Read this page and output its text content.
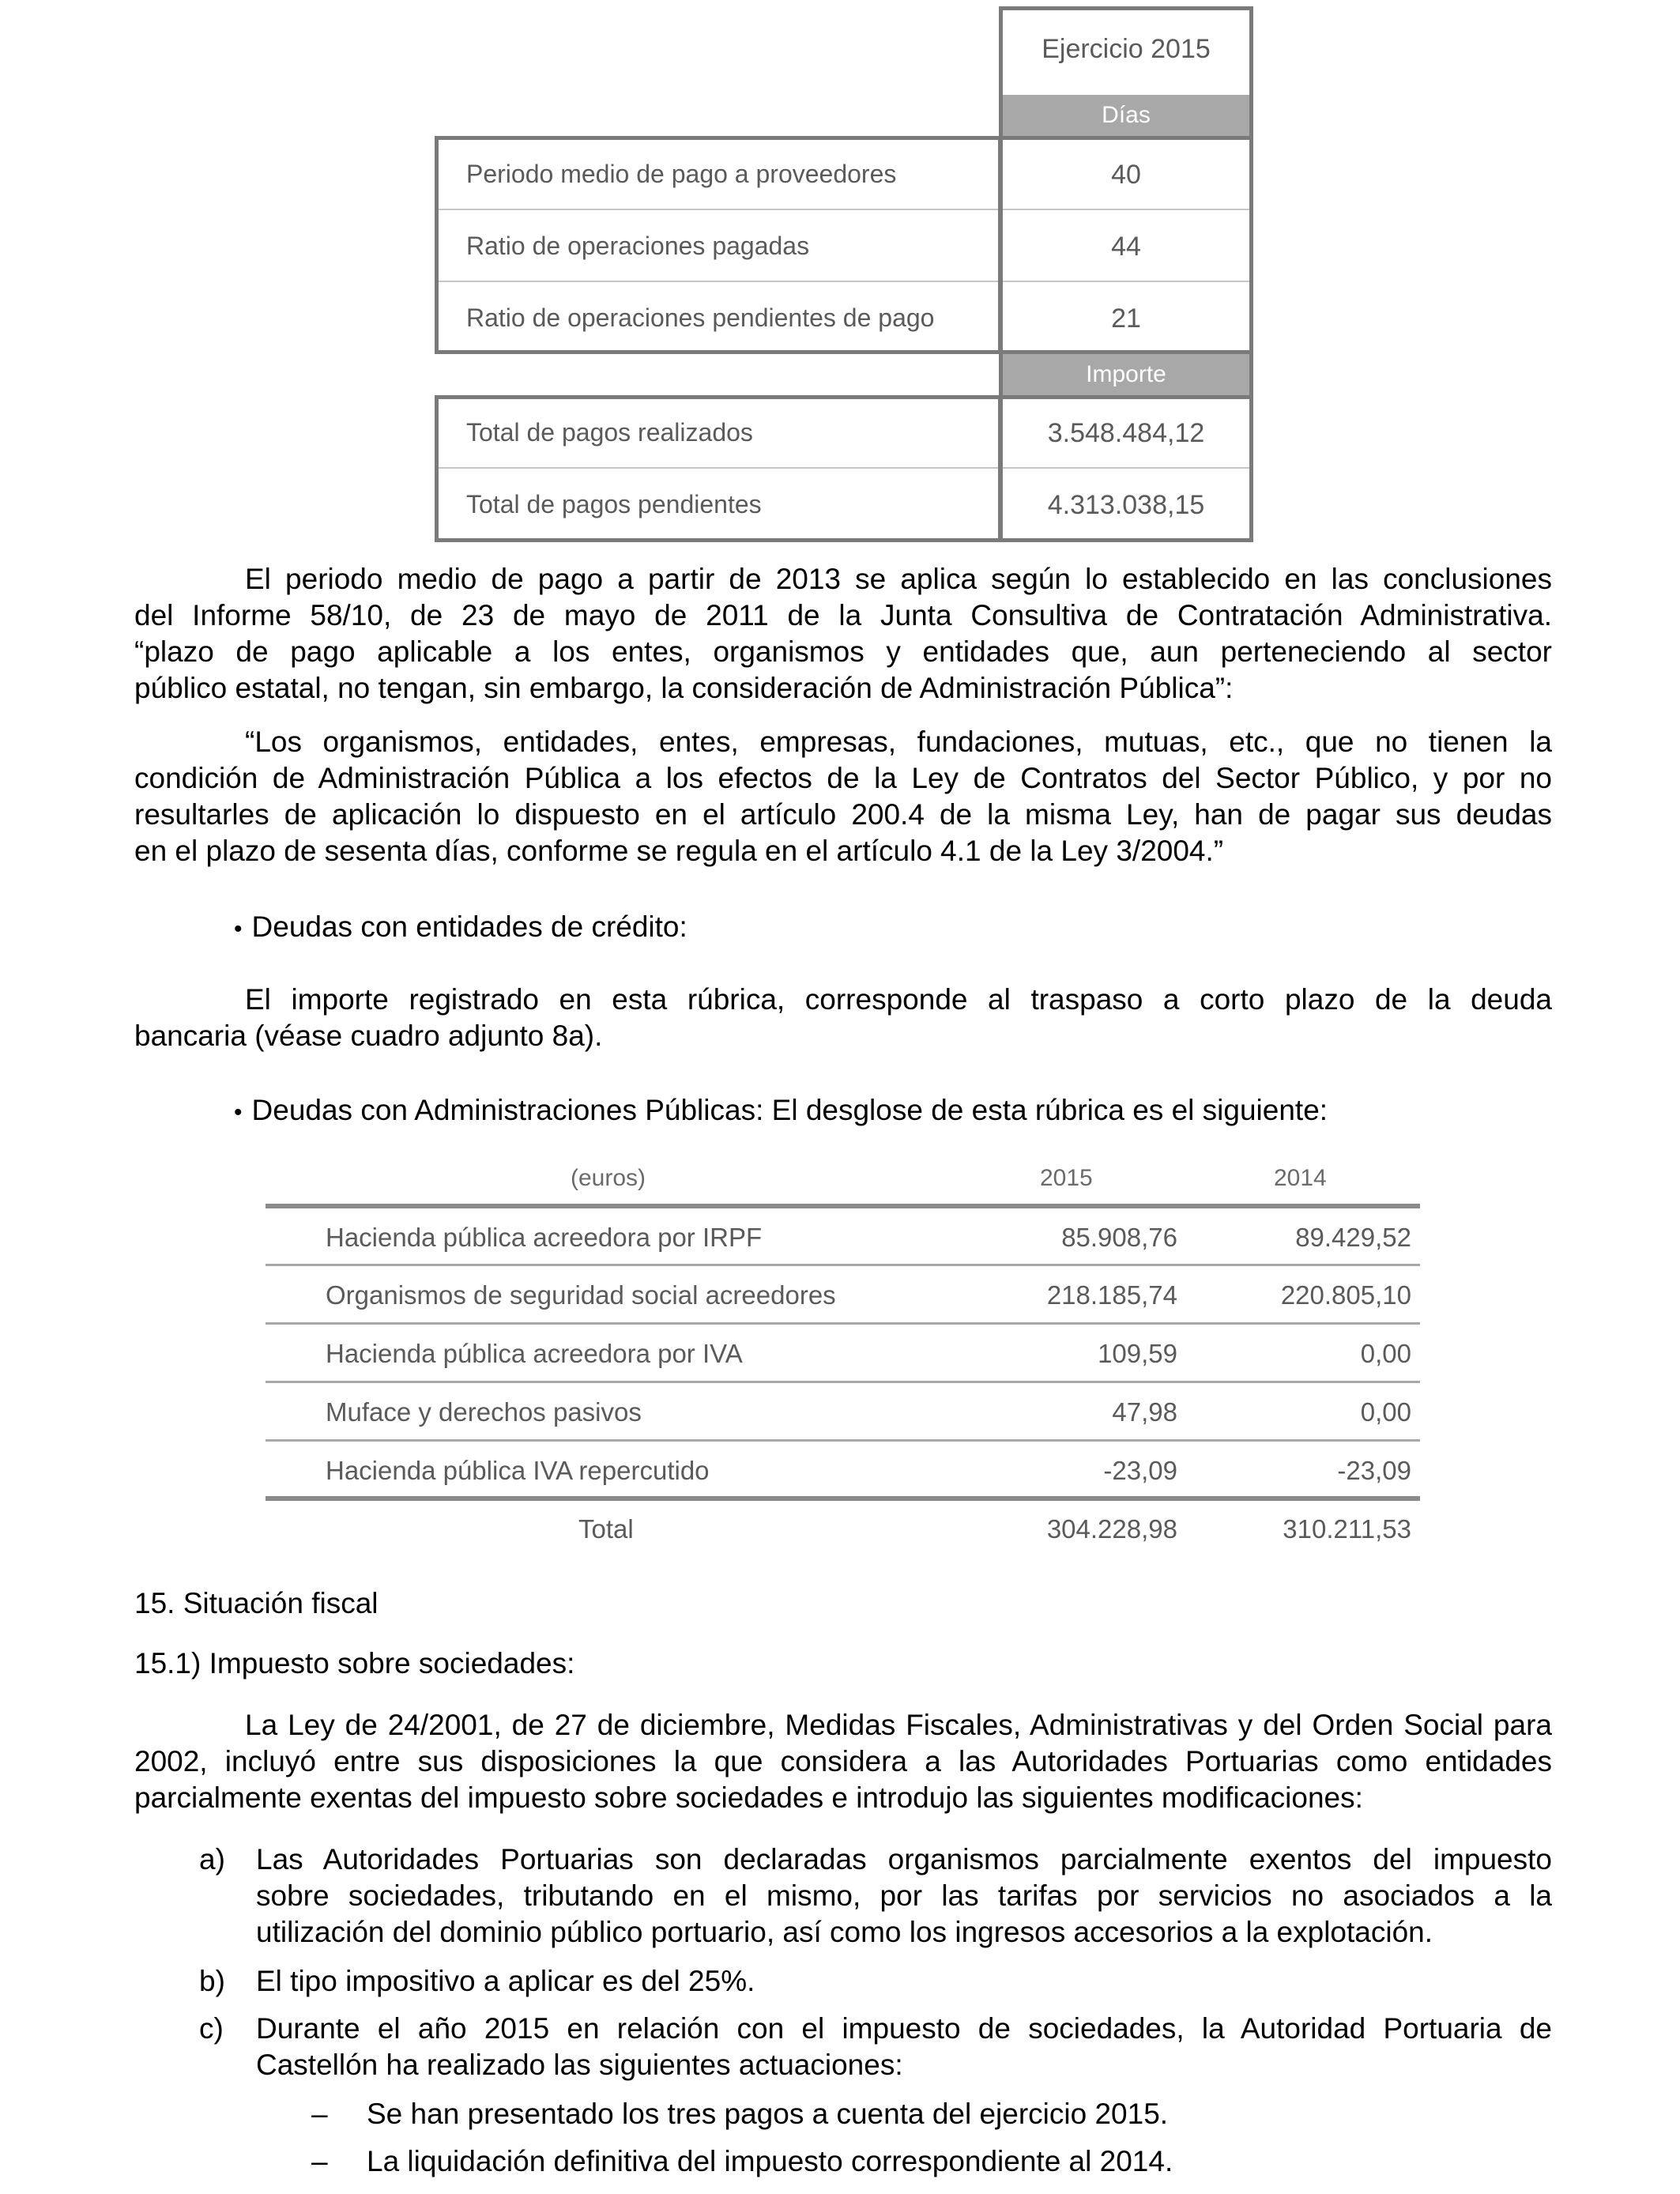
Ejercicio 2015
Días
Periodo medio de pago a proveedores	40
Ratio de operaciones pagadas	44
Ratio de operaciones pendientes de pago	21
Importe
Total de pagos realizados	3.548.484,12
Total de pagos pendientes	4.313.038,15
El periodo medio de pago a partir de 2013 se aplica según lo establecido en las conclusiones
del Informe 58/10, de 23 de mayo de 2011 de la Junta Consultiva de Contratación Administrativa.
“plazo de pago aplicable a los entes, organismos y entidades que, aun perteneciendo al sector
público estatal, no tengan, sin embargo, la consideración de Administración Pública”:
“Los organismos, entidades, entes, empresas, fundaciones, mutuas, etc., que no tienen la
condición de Administración Pública a los efectos de la Ley de Contratos del Sector Público, y por no
resultarles de aplicación lo dispuesto en el artículo 200.4 de la misma Ley, han de pagar sus deudas
en el plazo de sesenta días, conforme se regula en el artículo 4.1 de la Ley 3/2004.”
• Deudas con entidades de crédito:
El importe registrado en esta rúbrica, corresponde al traspaso a corto plazo de la deuda
bancaria (véase cuadro adjunto 8a).
• Deudas con Administraciones Públicas: El desglose de esta rúbrica es el siguiente:
(euros)	2015	2014
Hacienda pública acreedora por IRPF	85.908,76	89.429,52
Organismos de seguridad social acreedores	218.185,74	220.805,10
Hacienda pública acreedora por IVA	109,59	0,00
Muface y derechos pasivos	47,98	0,00
Hacienda pública IVA repercutido	-23,09	-23,09
Total	304.228,98	310.211,53
15. Situación fiscal
15.1) Impuesto sobre sociedades:
La Ley de 24/2001, de 27 de diciembre, Medidas Fiscales, Administrativas y del Orden Social para
2002, incluyó entre sus disposiciones la que considera a las Autoridades Portuarias como entidades
parcialmente exentas del impuesto sobre sociedades e introdujo las siguientes modificaciones:
a) Las Autoridades Portuarias son declaradas organismos parcialmente exentos del impuesto
sobre sociedades, tributando en el mismo, por las tarifas por servicios no asociados a la
utilización del dominio público portuario, así como los ingresos accesorios a la explotación.
b) El tipo impositivo a aplicar es del 25%.
c) Durante el año 2015 en relación con el impuesto de sociedades, la Autoridad Portuaria de
Castellón ha realizado las siguientes actuaciones:
– Se han presentado los tres pagos a cuenta del ejercicio 2015.
– La liquidación definitiva del impuesto correspondiente al 2014.
